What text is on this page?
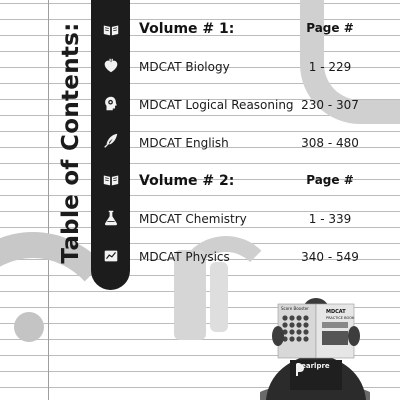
Table of Contents:	Volume # 1:	Page #
MDCAT Biology	1 - 229
MDCAT Logical Reasoning 230 - 307
MDCAT English	308 - 480
Volume # 2:	Page #
MDCAT Chemistry	1 - 339
MDCAT Physics	340 - 549
Score Booster
MDCAT
PRACTICE BOOK
Pearlpre
